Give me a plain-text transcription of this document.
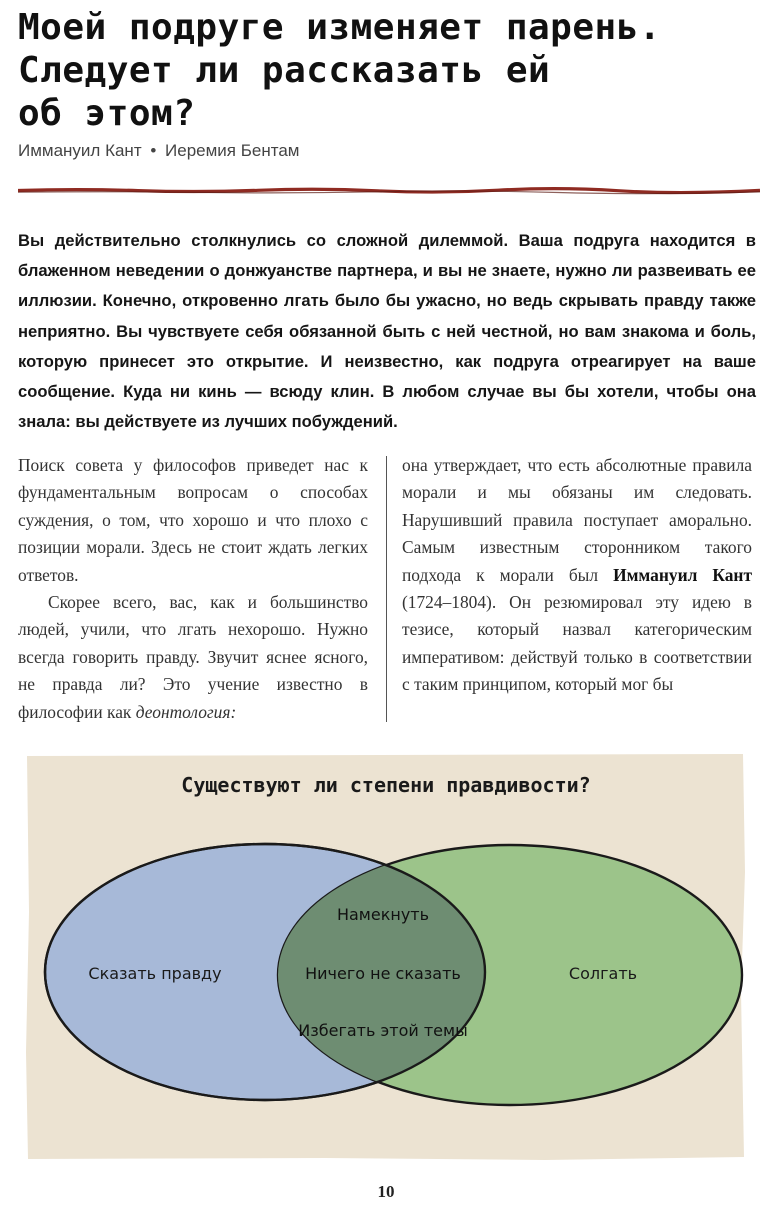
Моей подруге изменяет парень.
Следует ли рассказать ей
об этом?
Иммануил Кант • Иеремия Бентам

Вы действительно столкнулись со сложной дилеммой. Ваша подруга находится в блаженном неведении о донжуанстве партнера, и вы не знаете, нужно ли развеивать ее иллюзии. Конечно, откровенно лгать было бы ужасно, но ведь скрывать правду также неприятно. Вы чувствуете себя обязанной быть с ней честной, но вам знакома и боль, которую принесет это открытие. И неизвестно, как подруга отреагирует на ваше сообщение. Куда ни кинь — всюду клин. В любом случае вы бы хотели, чтобы она знала: вы действуете из лучших побуждений.

Поиск совета у философов приведет нас к фундаментальным вопросам о способах суждения, о том, что хорошо и что плохо с позиции морали. Здесь не стоит ждать легких ответов.

Скорее всего, вас, как и большинство людей, учили, что лгать нехорошо. Нужно всегда говорить правду. Звучит яснее ясного, не правда ли? Это учение известно в философии как деонтология:

она утверждает, что есть абсолютные правила морали и мы обязаны им следовать. Нарушивший правила поступает аморально. Самым известным сторонником такого подхода к морали был Иммануил Кант (1724–1804). Он резюмировал эту идею в тезисе, который назвал категорическим императивом: действуй только в соответствии с таким принципом, который мог бы

Существуют ли степени правдивости?
Сказать правду	Солгать
Намекнуть
Ничего не сказать
Избегать этой темы
10
